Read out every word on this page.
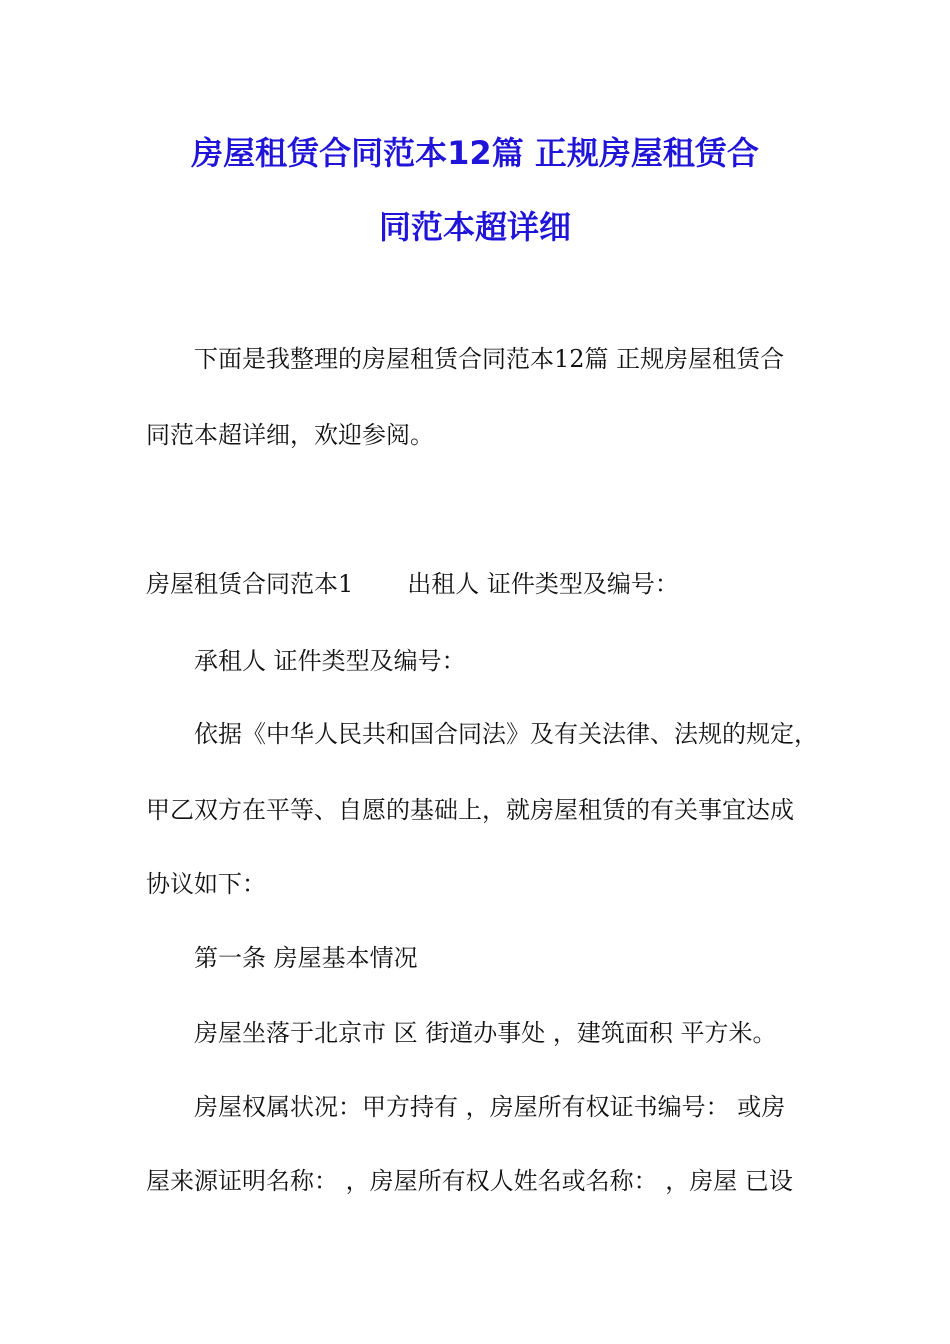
房屋租赁合同范本12篇 正规房屋租赁合
同范本超详细
下面是我整理的房屋租赁合同范本12篇 正规房屋租赁合
同范本超详细，欢迎参阅。
房屋租赁合同范本1 出租人 证件类型及编号：
承租人 证件类型及编号：
依据《中华人民共和国合同法》及有关法律、法规的规定，
甲乙双方在平等、自愿的基础上，就房屋租赁的有关事宜达成
协议如下：
第一条 房屋基本情况
房屋坐落于北京市 区 街道办事处 ，建筑面积 平方米。
房屋权属状况：甲方持有 ，房屋所有权证书编号： 或房
屋来源证明名称： ，房屋所有权人姓名或名称： ，房屋 已设
